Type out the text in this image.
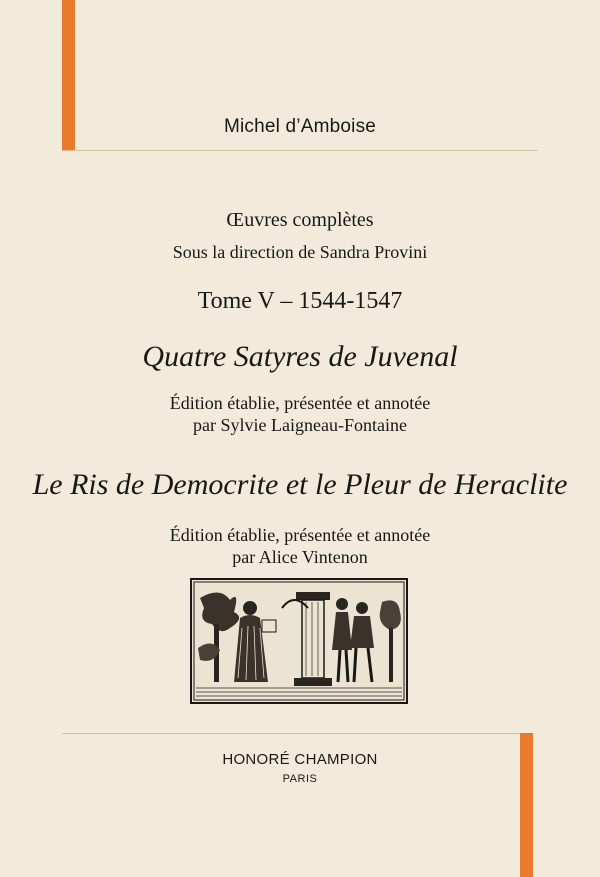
Michel d’Amboise
Œuvres complètes
Sous la direction de Sandra Provini
Tome V – 1544-1547
Quatre Satyres de Juvenal
Édition établie, présentée et annotée
par Sylvie Laigneau-Fontaine
Le Ris de Democrite et le Pleur de Heraclite
Édition établie, présentée et annotée
par Alice Vintenon
HONORÉ CHAMPION
PARIS
